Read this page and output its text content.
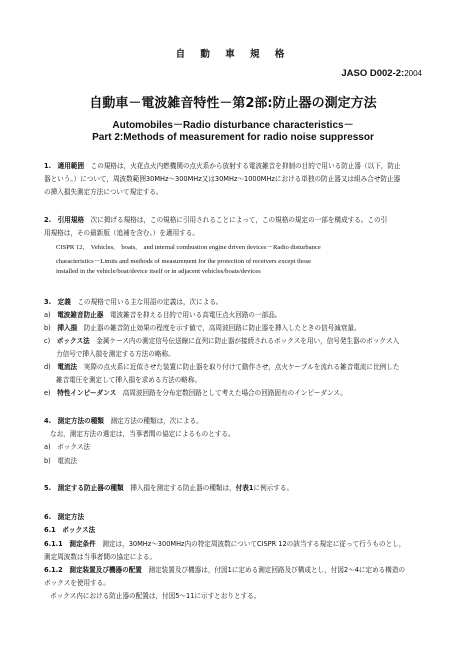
自 動 車 規 格
JASO D002-2:2004
自動車－電波雑音特性－第2部:防止器の測定方法
Automobiles－Radio disturbance characteristics－
Part 2:Methods of measurement for radio noise suppressor
1.　適用範囲　 この規格は，火花点火内燃機関の点火系から放射する電波雑音を抑制の目的で用いる防止器（以下，防止
器という。）について，周波数範囲30MHz～300MHz又は30MHz～1000MHzにおける単独の防止器又は組み合せ防止器
の挿入損失測定方法について規定する。
2.　引用規格　 次に掲げる規格は，この規格に引用されることによって，この規格の規定の一部を構成する。この引
用規格は，その最新版（追補を含む。）を適用する。
CISPR 12,　Vehicles,　boats,　and internal combustion engine driven devices－Radio disturbance
characteristics－Limits and methods of measurement for the protection of receivers except those
installed in the vehicle/boat/device itself or in adjacent vehicles/boats/devices
3.　定義　 この規格で用いる主な用語の定義は，次による。
a)　 電波雑音防止器　 電波雑音を抑える目的で用いる高電圧点火回路の一部品。
b)　 挿入損　 防止器の雑音防止効果の程度を示す値で，高周波回路に防止器を挿入したときの信号減衰量。
c)　 ボックス法　 金属ケース内の測定信号伝送線に直列に防止器が接続されるボックスを用い，信号発生器のボックス入
力信号で挿入損を測定する方法の略称。
d)　 電流法　 実際の点火系に近似させた装置に防止器を取り付けて動作させ，点火ケーブルを流れる雑音電流に比例した
雑音電圧を測定して挿入損を求める方法の略称。
e)　 特性インピーダンス　 高周波回路を分布定数回路として考えた場合の回路固有のインピーダンス。
4.　測定方法の種類　 測定方法の種類は，次による。
なお，測定方法の選定は，当事者間の協定によるものとする。
a)　ボックス法
b)　電流法
5.　測定する防止器の種類　 挿入損を測定する防止器の種類は，付表1に例示する。
6.　測定方法
6.1　ボックス法
6.1.1　測定条件　 測定は，30MHz～300MHz内の特定周波数についてCISPR 12の該当する規定に従って行うものとし，
測定周波数は当事者間の協定による。
6.1.2　測定装置及び機器の配置　 測定装置及び機器は，付図1に定める測定回路及び構成とし，付図2～4に定める構造の
ボックスを使用する。
ボックス内における防止器の配置は，付図5～11に示すとおりとする。
